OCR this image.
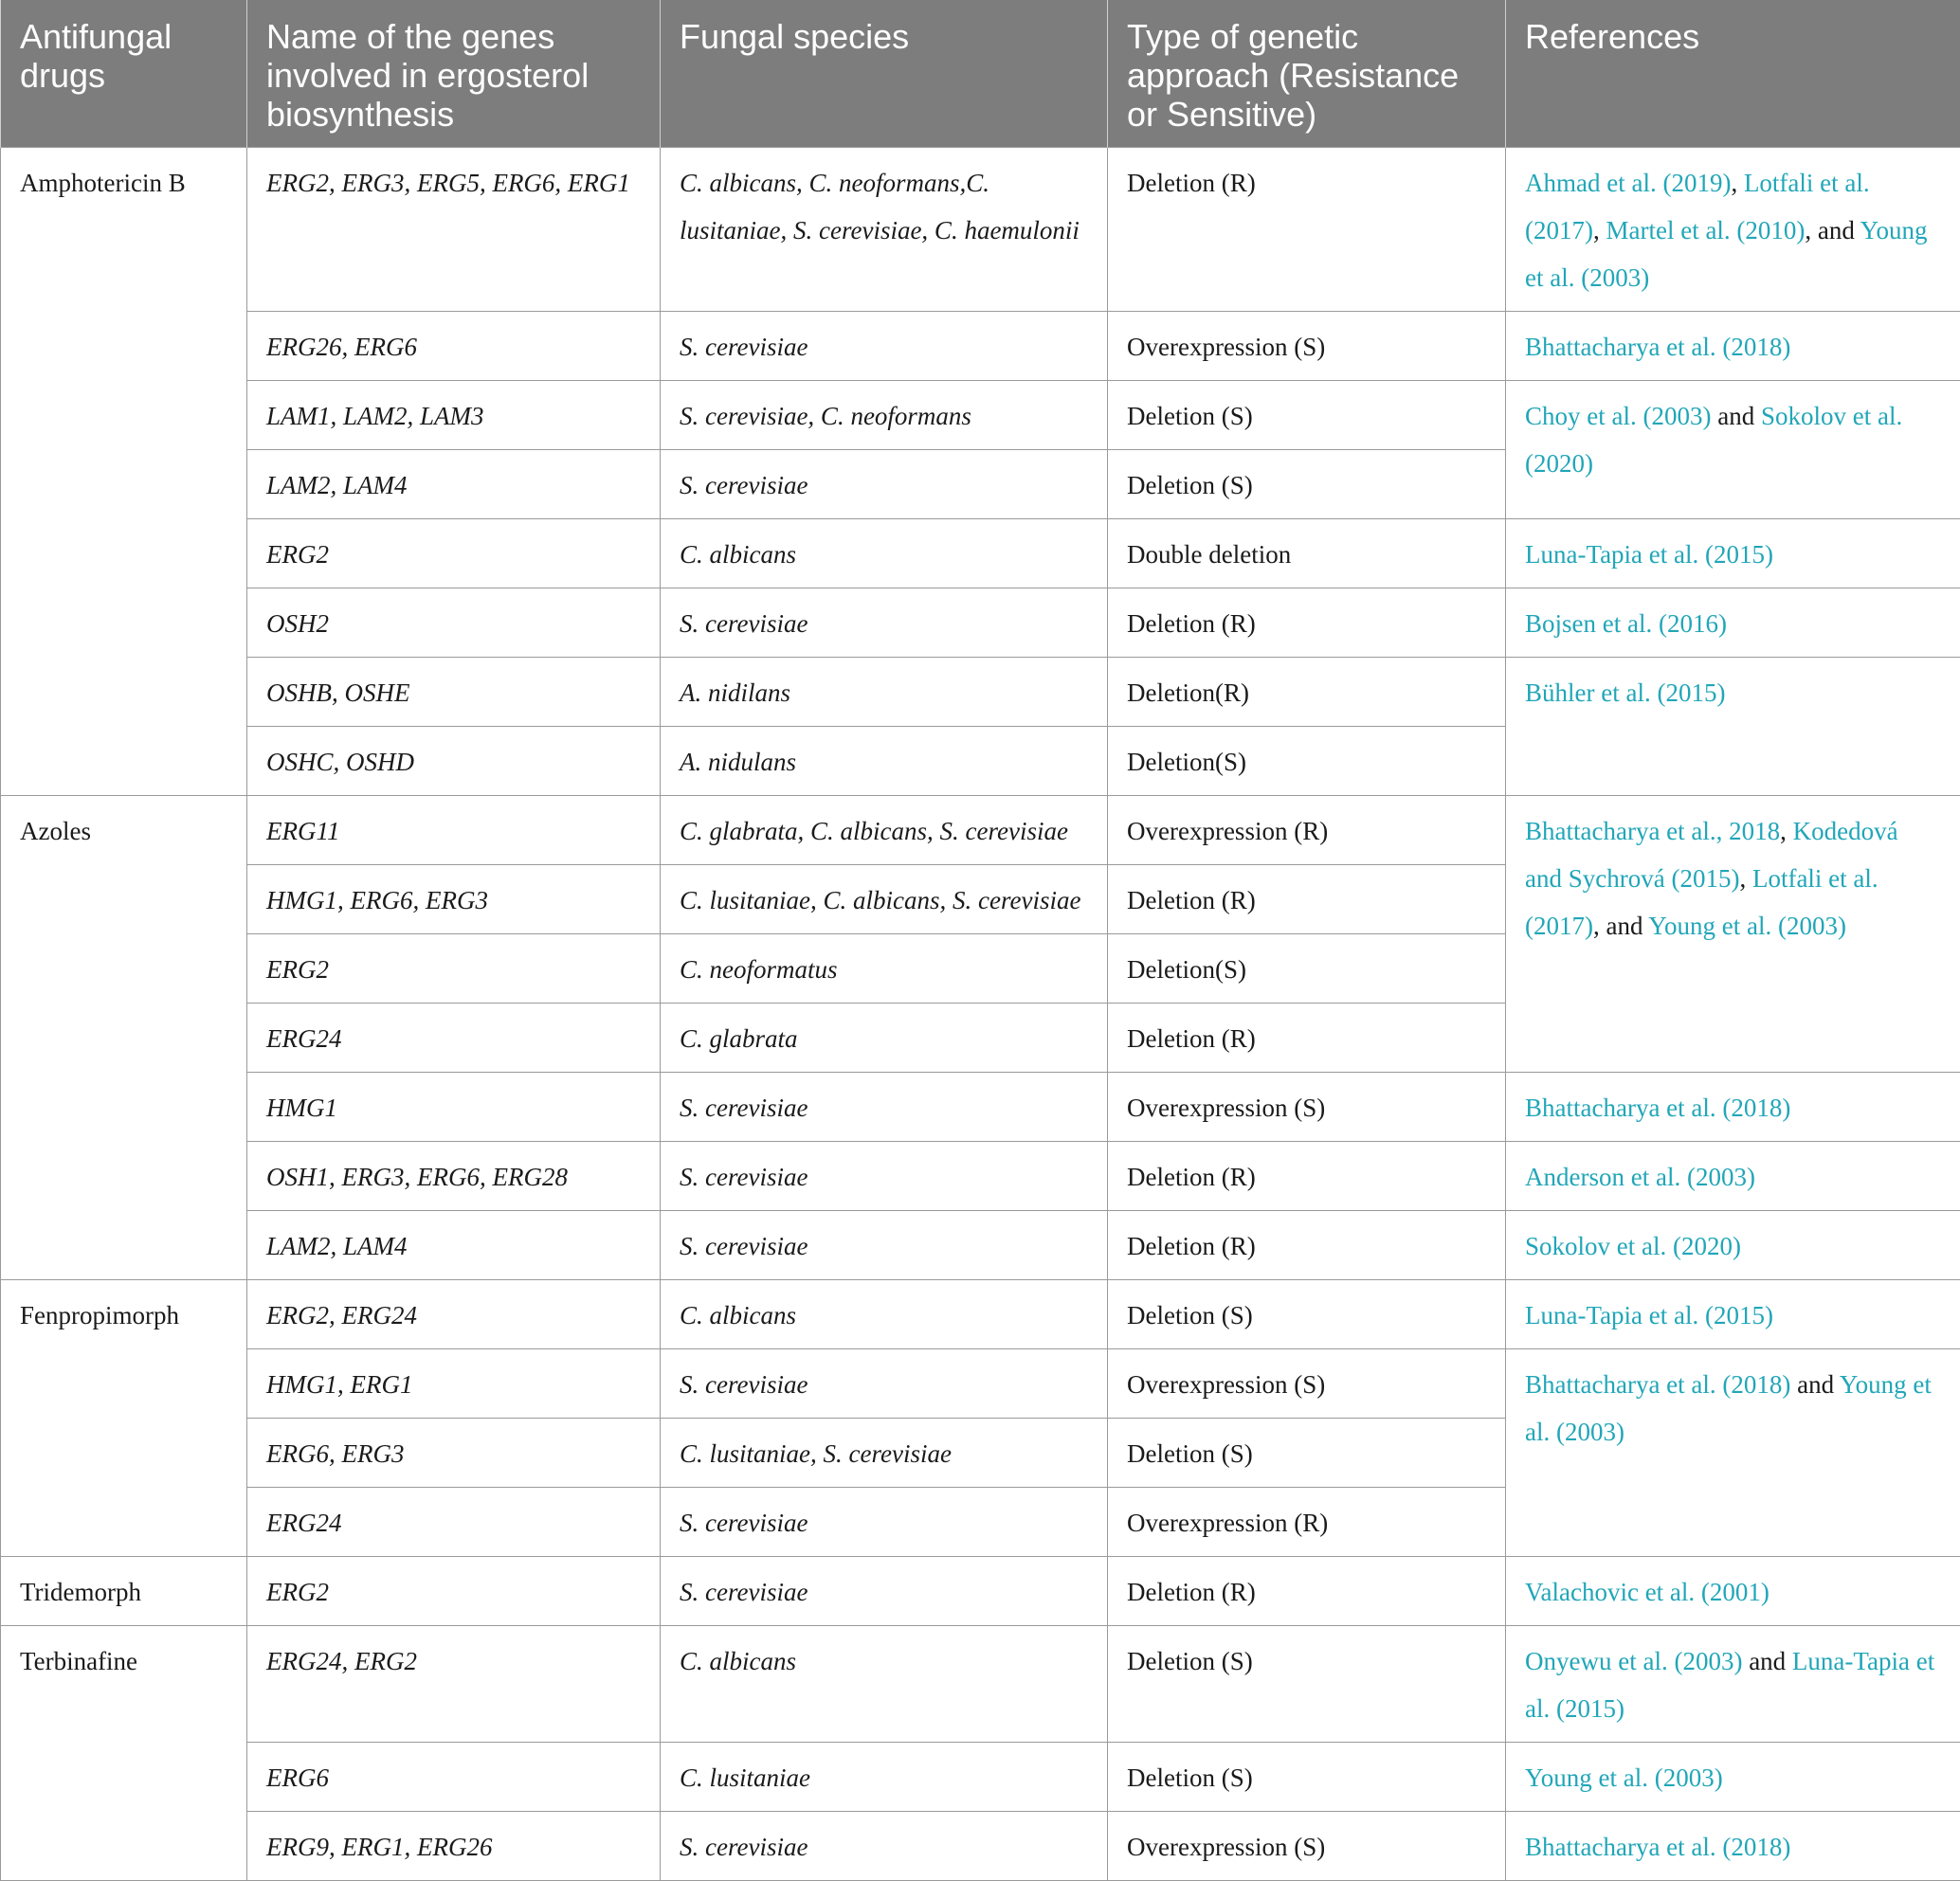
Antifungal drugs	Name of the genes involved in ergosterol biosynthesis	Fungal species	Type of genetic approach (Resistance or Sensitive)	References
Amphotericin B	ERG2, ERG3, ERG5, ERG6, ERG1	C. albicans, C. neoformans,C. lusitaniae, S. cerevisiae, C. haemulonii	Deletion (R)	Ahmad et al. (2019), Lotfali et al. (2017), Martel et al. (2010), and Young et al. (2003)
	ERG26, ERG6	S. cerevisiae	Overexpression (S)	Bhattacharya et al. (2018)
	LAM1, LAM2, LAM3	S. cerevisiae, C. neoformans	Deletion (S)	Choy et al. (2003) and Sokolov et al. (2020)
	LAM2, LAM4	S. cerevisiae	Deletion (S)	
	ERG2	C. albicans	Double deletion	Luna-Tapia et al. (2015)
	OSH2	S. cerevisiae	Deletion (R)	Bojsen et al. (2016)
	OSHB, OSHE	A. nidilans	Deletion(R)	Bühler et al. (2015)
	OSHC, OSHD	A. nidulans	Deletion(S)	
Azoles	ERG11	C. glabrata, C. albicans, S. cerevisiae	Overexpression (R)	Bhattacharya et al., 2018, Kodedová and Sychrová (2015), Lotfali et al. (2017), and Young et al. (2003)
	HMG1, ERG6, ERG3	C. lusitaniae, C. albicans, S. cerevisiae	Deletion (R)	
	ERG2	C. neoformatus	Deletion(S)	
	ERG24	C. glabrata	Deletion (R)	
	HMG1	S. cerevisiae	Overexpression (S)	Bhattacharya et al. (2018)
	OSH1, ERG3, ERG6, ERG28	S. cerevisiae	Deletion (R)	Anderson et al. (2003)
	LAM2, LAM4	S. cerevisiae	Deletion (R)	Sokolov et al. (2020)
Fenpropimorph	ERG2, ERG24	C. albicans	Deletion (S)	Luna-Tapia et al. (2015)
	HMG1, ERG1	S. cerevisiae	Overexpression (S)	Bhattacharya et al. (2018) and Young et al. (2003)
	ERG6, ERG3	C. lusitaniae, S. cerevisiae	Deletion (S)	
	ERG24	S. cerevisiae	Overexpression (R)	
Tridemorph	ERG2	S. cerevisiae	Deletion (R)	Valachovic et al. (2001)
Terbinafine	ERG24, ERG2	C. albicans	Deletion (S)	Onyewu et al. (2003) and Luna-Tapia et al. (2015)
	ERG6	C. lusitaniae	Deletion (S)	Young et al. (2003)
	ERG9, ERG1, ERG26	S. cerevisiae	Overexpression (S)	Bhattacharya et al. (2018)
